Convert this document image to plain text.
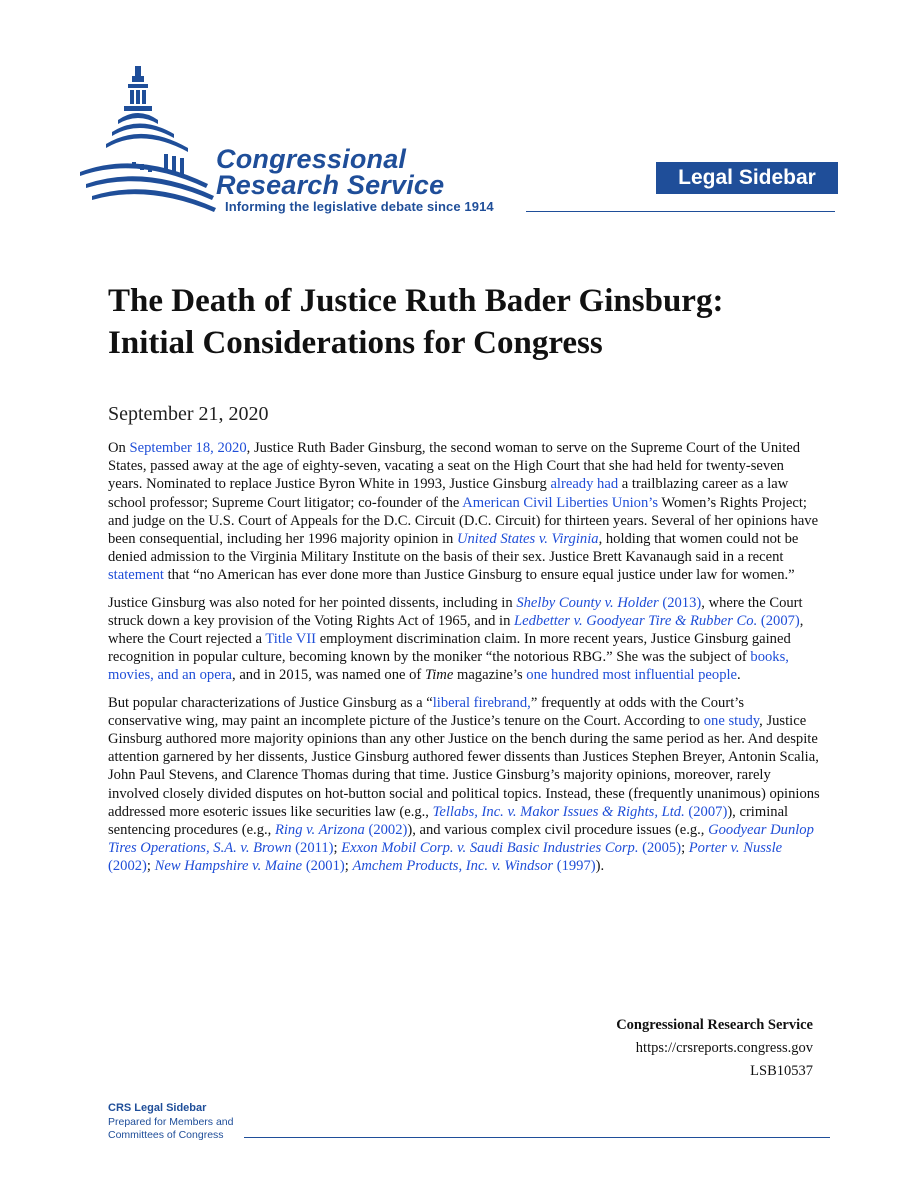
Congressional
Research Service
Informing the legislative debate since 1914
Legal Sidebar
The Death of Justice Ruth Bader Ginsburg:
Initial Considerations for Congress
September 21, 2020

On September 18, 2020, Justice Ruth Bader Ginsburg, the second woman to serve on the Supreme Court of the United States, passed away at the age of eighty-seven, vacating a seat on the High Court that she had held for twenty-seven years. Nominated to replace Justice Byron White in 1993, Justice Ginsburg already had a trailblazing career as a law school professor; Supreme Court litigator; co-founder of the American Civil Liberties Union’s Women’s Rights Project; and judge on the U.S. Court of Appeals for the D.C. Circuit (D.C. Circuit) for thirteen years. Several of her opinions have been consequential, including her 1996 majority opinion in United States v. Virginia, holding that women could not be denied admission to the Virginia Military Institute on the basis of their sex. Justice Brett Kavanaugh said in a recent statement that “no American has ever done more than Justice Ginsburg to ensure equal justice under law for women.”

Justice Ginsburg was also noted for her pointed dissents, including in Shelby County v. Holder (2013), where the Court struck down a key provision of the Voting Rights Act of 1965, and in Ledbetter v. Goodyear Tire & Rubber Co. (2007), where the Court rejected a Title VII employment discrimination claim. In more recent years, Justice Ginsburg gained recognition in popular culture, becoming known by the moniker “the notorious RBG.” She was the subject of books, movies, and an opera, and in 2015, was named one of Time magazine’s one hundred most influential people.

But popular characterizations of Justice Ginsburg as a “liberal firebrand,” frequently at odds with the Court’s conservative wing, may paint an incomplete picture of the Justice’s tenure on the Court. According to one study, Justice Ginsburg authored more majority opinions than any other Justice on the bench during the same period as her. And despite attention garnered by her dissents, Justice Ginsburg authored fewer dissents than Justices Stephen Breyer, Antonin Scalia, John Paul Stevens, and Clarence Thomas during that time. Justice Ginsburg’s majority opinions, moreover, rarely involved closely divided disputes on hot-button social and political topics. Instead, these (frequently unanimous) opinions addressed more esoteric issues like securities law (e.g., Tellabs, Inc. v. Makor Issues & Rights, Ltd. (2007)), criminal sentencing procedures (e.g., Ring v. Arizona (2002)), and various complex civil procedure issues (e.g., Goodyear Dunlop Tires Operations, S.A. v. Brown (2011); Exxon Mobil Corp. v. Saudi Basic Industries Corp. (2005); Porter v. Nussle (2002); New Hampshire v. Maine (2001); Amchem Products, Inc. v. Windsor (1997)).

Congressional Research Service
https://crsreports.congress.gov
LSB10537
CRS Legal Sidebar
Prepared for Members and
Committees of Congress
